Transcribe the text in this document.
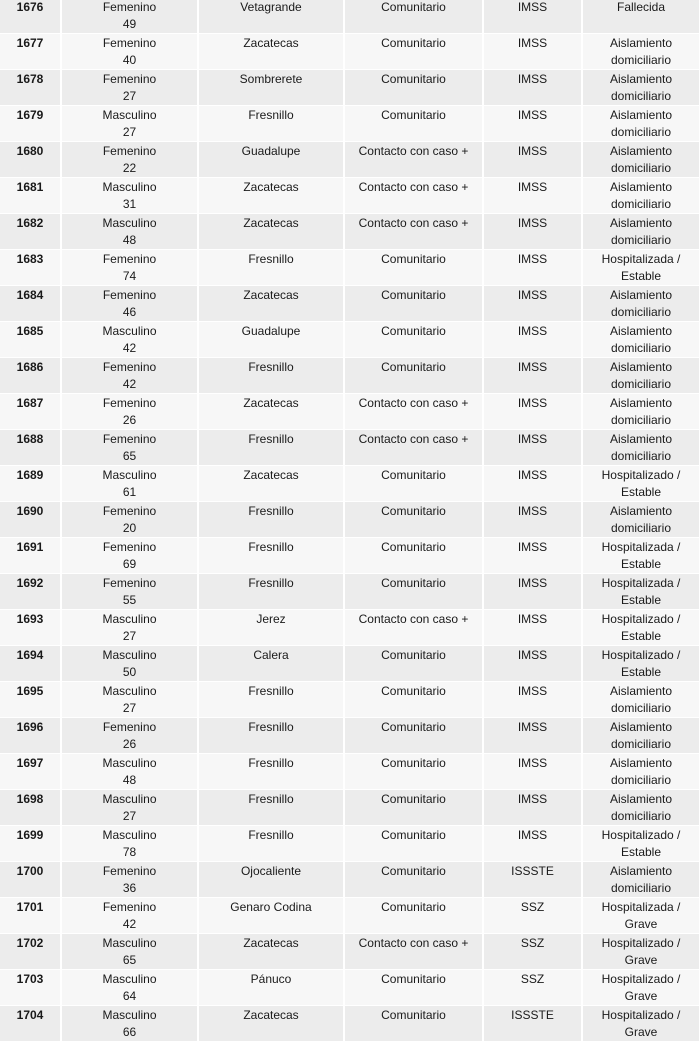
1676	Femenino
49	Vetagrande	Comunitario	IMSS	Fallecida

1677	Femenino
40	Zacatecas	Comunitario	IMSS	Aislamiento
domiciliario

1678	Femenino
27	Sombrerete	Comunitario	IMSS	Aislamiento
domiciliario

1679	Masculino
27	Fresnillo	Comunitario	IMSS	Aislamiento
domiciliario

1680	Femenino
22	Guadalupe	Contacto con caso +	IMSS	Aislamiento
domiciliario

1681	Masculino
31	Zacatecas	Contacto con caso +	IMSS	Aislamiento
domiciliario

1682	Masculino
48	Zacatecas	Contacto con caso +	IMSS	Aislamiento
domiciliario

1683	Femenino
74	Fresnillo	Comunitario	IMSS	Hospitalizada /
Estable

1684	Femenino
46	Zacatecas	Comunitario	IMSS	Aislamiento
domiciliario

1685	Masculino
42	Guadalupe	Comunitario	IMSS	Aislamiento
domiciliario

1686	Femenino
42	Fresnillo	Comunitario	IMSS	Aislamiento
domiciliario

1687	Femenino
26	Zacatecas	Contacto con caso +	IMSS	Aislamiento
domiciliario

1688	Femenino
65	Fresnillo	Contacto con caso +	IMSS	Aislamiento
domiciliario

1689	Masculino
61	Zacatecas	Comunitario	IMSS	Hospitalizado /
Estable

1690	Femenino
20	Fresnillo	Comunitario	IMSS	Aislamiento
domiciliario

1691	Femenino
69	Fresnillo	Comunitario	IMSS	Hospitalizada /
Estable

1692	Femenino
55	Fresnillo	Comunitario	IMSS	Hospitalizada /
Estable

1693	Masculino
27	Jerez	Contacto con caso +	IMSS	Hospitalizado /
Estable

1694	Masculino
50	Calera	Comunitario	IMSS	Hospitalizado /
Estable

1695	Masculino
27	Fresnillo	Comunitario	IMSS	Aislamiento
domiciliario

1696	Femenino
26	Fresnillo	Comunitario	IMSS	Aislamiento
domiciliario

1697	Masculino
48	Fresnillo	Comunitario	IMSS	Aislamiento
domiciliario

1698	Masculino
27	Fresnillo	Comunitario	IMSS	Aislamiento
domiciliario

1699	Masculino
78	Fresnillo	Comunitario	IMSS	Hospitalizado /
Estable

1700	Femenino
36	Ojocaliente	Comunitario	ISSSTE	Aislamiento
domiciliario

1701	Femenino
42	Genaro Codina	Comunitario	SSZ	Hospitalizada /
Grave

1702	Masculino
65	Zacatecas	Contacto con caso +	SSZ	Hospitalizado /
Grave

1703	Masculino
64	Pánuco	Comunitario	SSZ	Hospitalizado /
Grave

1704	Masculino
66	Zacatecas	Comunitario	ISSSTE	Hospitalizado /
Grave
